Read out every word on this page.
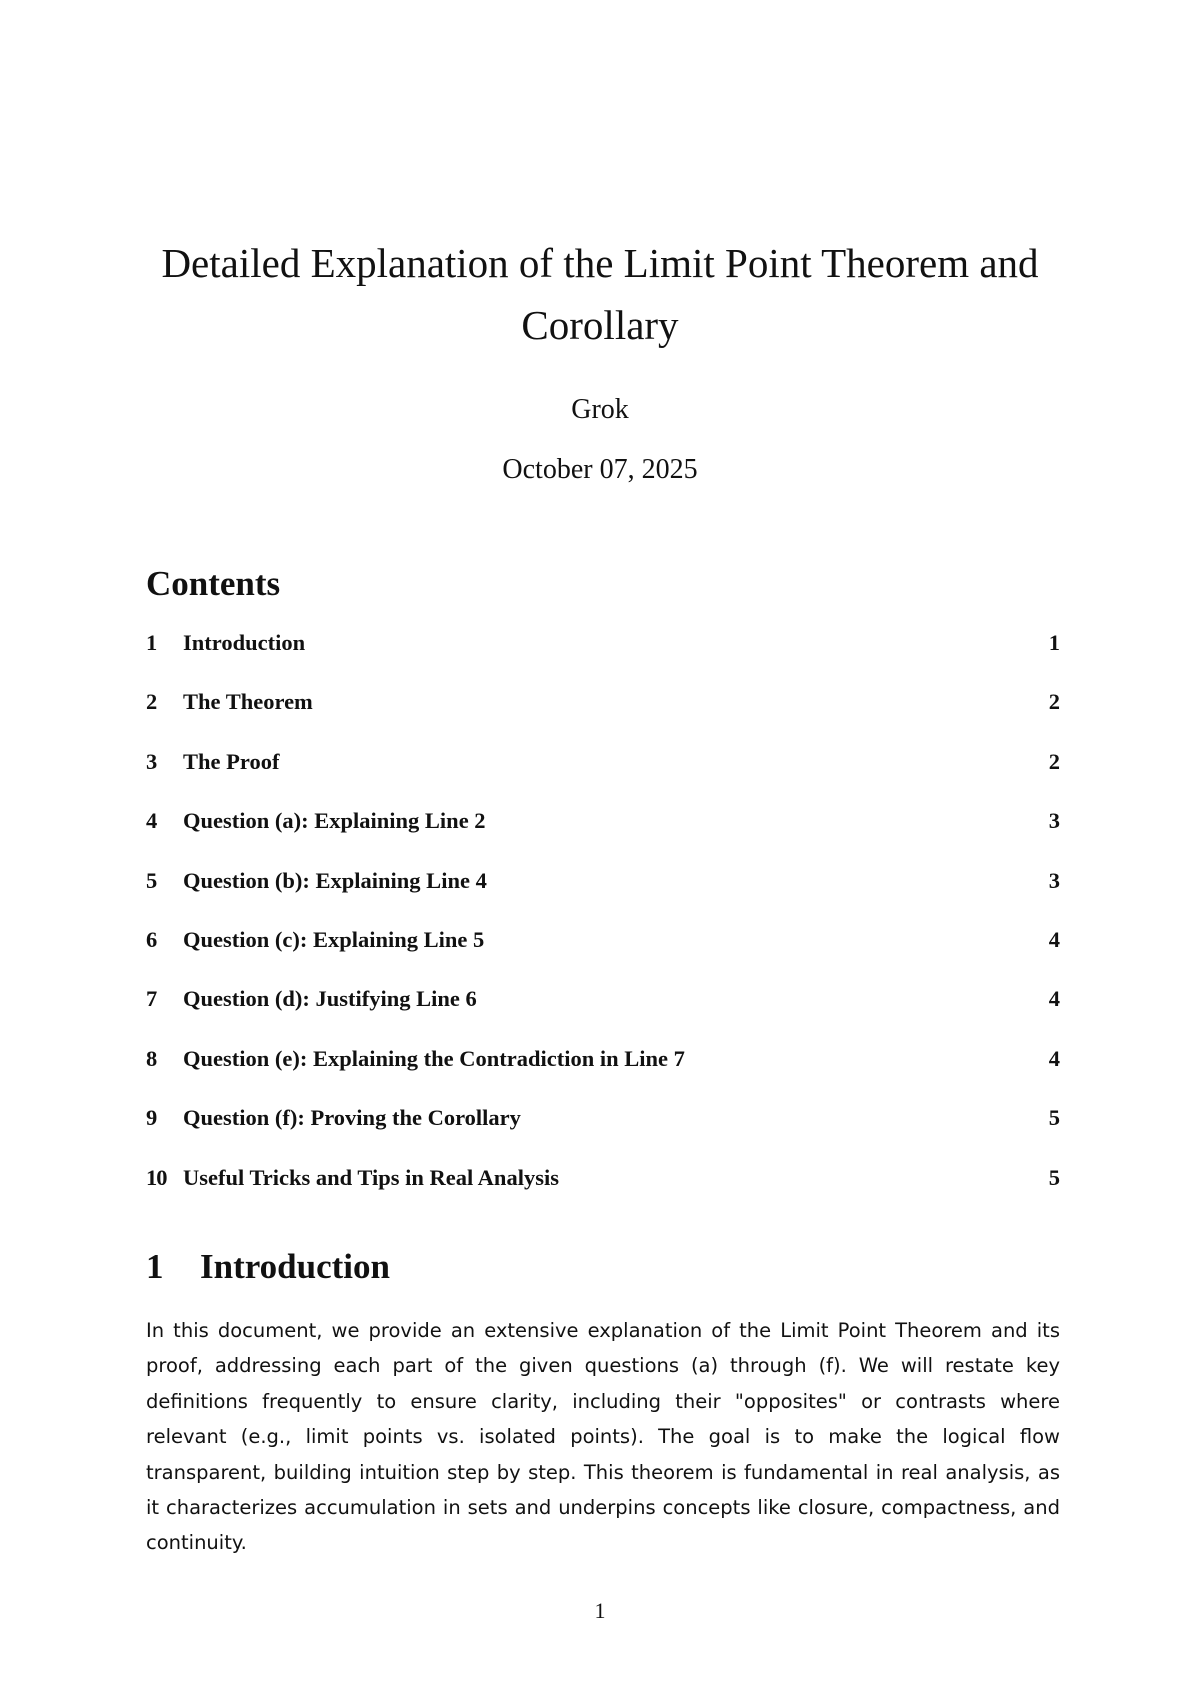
Detailed Explanation of the Limit Point Theorem and Corollary
Grok
October 07, 2025
Contents
1	Introduction	1
2	The Theorem	2
3	The Proof	2
4	Question (a): Explaining Line 2	3
5	Question (b): Explaining Line 4	3
6	Question (c): Explaining Line 5	4
7	Question (d): Justifying Line 6	4
8	Question (e): Explaining the Contradiction in Line 7	4
9	Question (f): Proving the Corollary	5
10 Useful Tricks and Tips in Real Analysis	5
1	Introduction

In this document, we provide an extensive explanation of the Limit Point Theorem and its proof, addressing each part of the given questions (a) through (f). We will restate key definitions frequently to ensure clarity, including their "opposites" or contrasts where relevant (e.g., limit points vs. isolated points). The goal is to make the logical flow transparent, building intuition step by step. This theorem is fundamental in real analysis, as it characterizes accumulation in sets and underpins concepts like closure, compactness, and continuity.

1
